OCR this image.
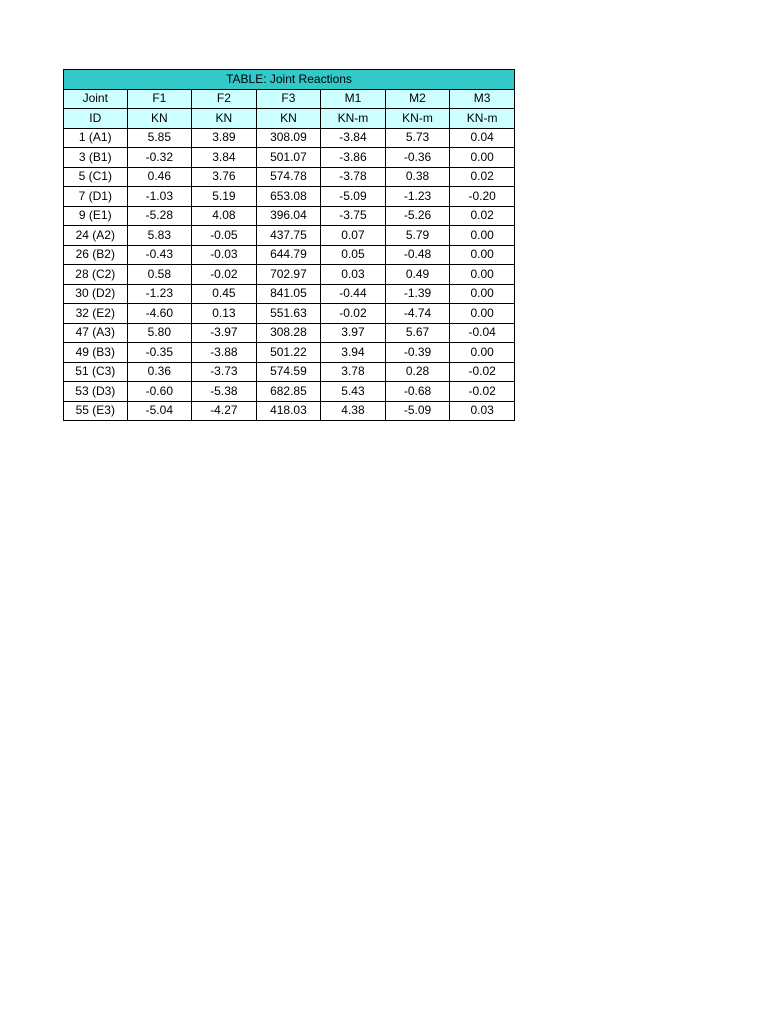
TABLE: Joint Reactions						
Joint	F1	F2	F3	M1	M2	M3
ID	KN	KN	KN	KN-m	KN-m	KN-m
1 (A1)	5.85	3.89	308.09	-3.84	5.73	0.04
3 (B1)	-0.32	3.84	501.07	-3.86	-0.36	0.00
5 (C1)	0.46	3.76	574.78	-3.78	0.38	0.02
7 (D1)	-1.03	5.19	653.08	-5.09	-1.23	-0.20
9 (E1)	-5.28	4.08	396.04	-3.75	-5.26	0.02
24 (A2)	5.83	-0.05	437.75	0.07	5.79	0.00
26 (B2)	-0.43	-0.03	644.79	0.05	-0.48	0.00
28 (C2)	0.58	-0.02	702.97	0.03	0.49	0.00
30 (D2)	-1.23	0.45	841.05	-0.44	-1.39	0.00
32 (E2)	-4.60	0.13	551.63	-0.02	-4.74	0.00
47 (A3)	5.80	-3.97	308.28	3.97	5.67	-0.04
49 (B3)	-0.35	-3.88	501.22	3.94	-0.39	0.00
51 (C3)	0.36	-3.73	574.59	3.78	0.28	-0.02
53 (D3)	-0.60	-5.38	682.85	5.43	-0.68	-0.02
55 (E3)	-5.04	-4.27	418.03	4.38	-5.09	0.03
